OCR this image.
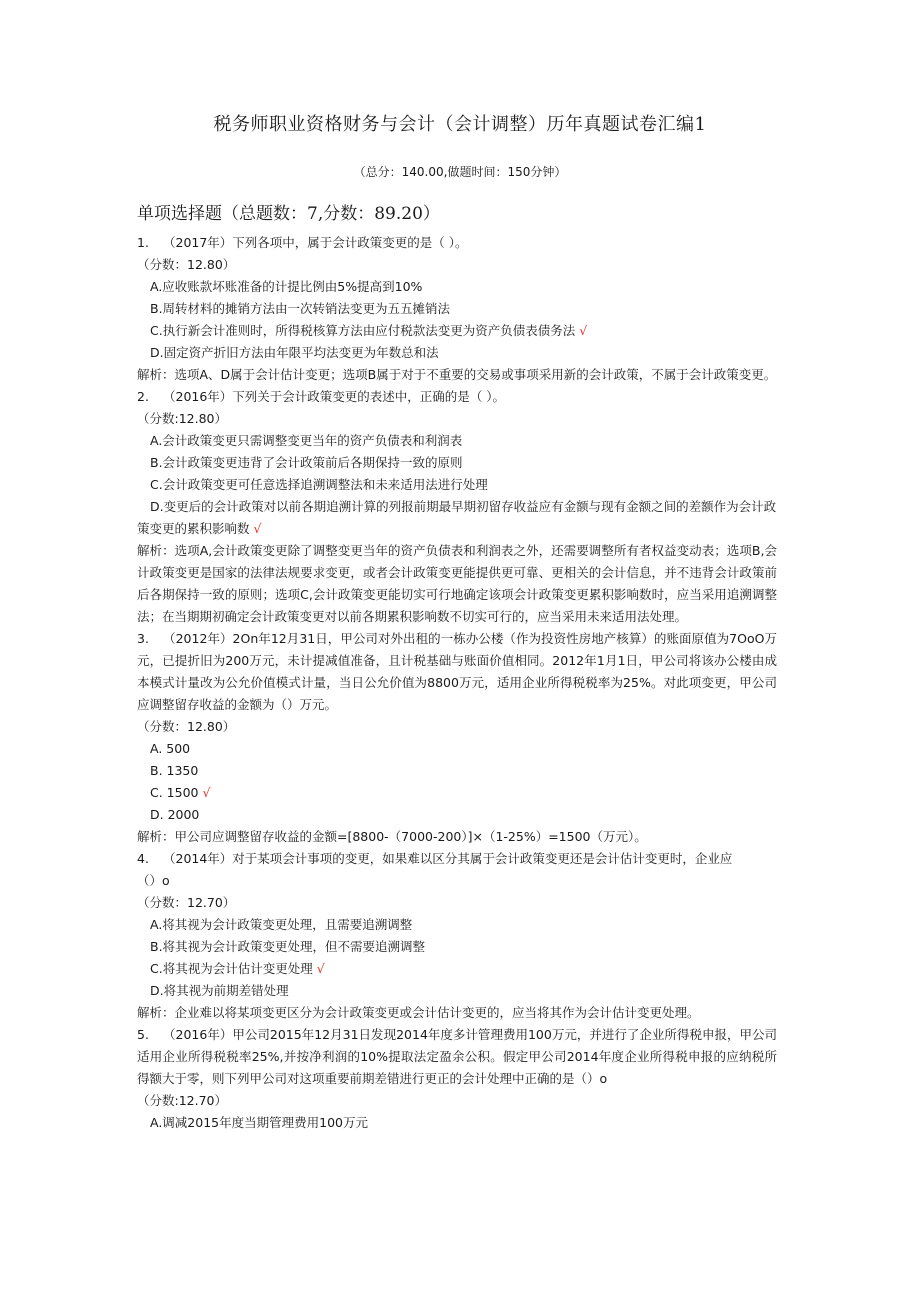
税务师职业资格财务与会计（会计调整）历年真题试卷汇编1
（总分：140.00,做题时间：150分钟）
单项选择题（总题数：7,分数：89.20）
1. （2017年）下列各项中，属于会计政策变更的是（ ）。
（分数：12.80）
A.应收账款坏账准备的计提比例由5%提高到10%
B.周转材料的摊销方法由一次转销法变更为五五摊销法
C.执行新会计准则时，所得税核算方法由应付税款法变更为资产负债表债务法 √
D.固定资产折旧方法由年限平均法变更为年数总和法
解析：选项A、D属于会计估计变更；选项B属于对于不重要的交易或事项采用新的会计政策，不属于会计政策变更。
2. （2016年）下列关于会计政策变更的表述中，正确的是（ ）。
（分数:12.80）
A.会计政策变更只需调整变更当年的资产负债表和利润表
B.会计政策变更违背了会计政策前后各期保持一致的原则
C.会计政策变更可任意选择追溯调整法和未来适用法进行处理
D.变更后的会计政策对以前各期追溯计算的列报前期最早期初留存收益应有金额与现有金额之间的差额作为会计政策变更的累积影响数 √
解析：选项A,会计政策变更除了调整变更当年的资产负债表和利润表之外，还需要调整所有者权益变动表；选项B,会计政策变更是国家的法律法规要求变更，或者会计政策变更能提供更可靠、更相关的会计信息，并不违背会计政策前后各期保持一致的原则；选项C,会计政策变更能切实可行地确定该项会计政策变更累积影响数时，应当采用追溯调整法；在当期期初确定会计政策变更对以前各期累积影响数不切实可行的，应当采用未来适用法处理。
3. （2012年）2On年12月31日，甲公司对外出租的一栋办公楼（作为投资性房地产核算）的账面原值为7OoO万元，已提折旧为200万元，未计提减值准备，且计税基础与账面价值相同。2012年1月1日，甲公司将该办公楼由成本模式计量改为公允价值模式计量，当日公允价值为8800万元，适用企业所得税税率为25%。对此项变更，甲公司应调整留存收益的金额为（）万元。
（分数：12.80）
A. 500
B. 1350
C. 1500 √
D. 2000
解析：甲公司应调整留存收益的金额=[8800-（7000-200）]×（1-25%）=1500（万元）。
4. （2014年）对于某项会计事项的变更，如果难以区分其属于会计政策变更还是会计估计变更时，企业应
（）o
（分数：12.70）
A.将其视为会计政策变更处理，且需要追溯调整
B.将其视为会计政策变更处理，但不需要追溯调整
C.将其视为会计估计变更处理 √
D.将其视为前期差错处理
解析：企业难以将某项变更区分为会计政策变更或会计估计变更的，应当将其作为会计估计变更处理。
5. （2016年）甲公司2015年12月31日发现2014年度多计管理费用100万元，并进行了企业所得税申报，甲公司适用企业所得税税率25%,并按净利润的10%提取法定盈余公积。假定甲公司2014年度企业所得税申报的应纳税所得额大于零，则下列甲公司对这项重要前期差错进行更正的会计处理中正确的是（）o
（分数:12.70）
A.调减2015年度当期管理费用100万元
